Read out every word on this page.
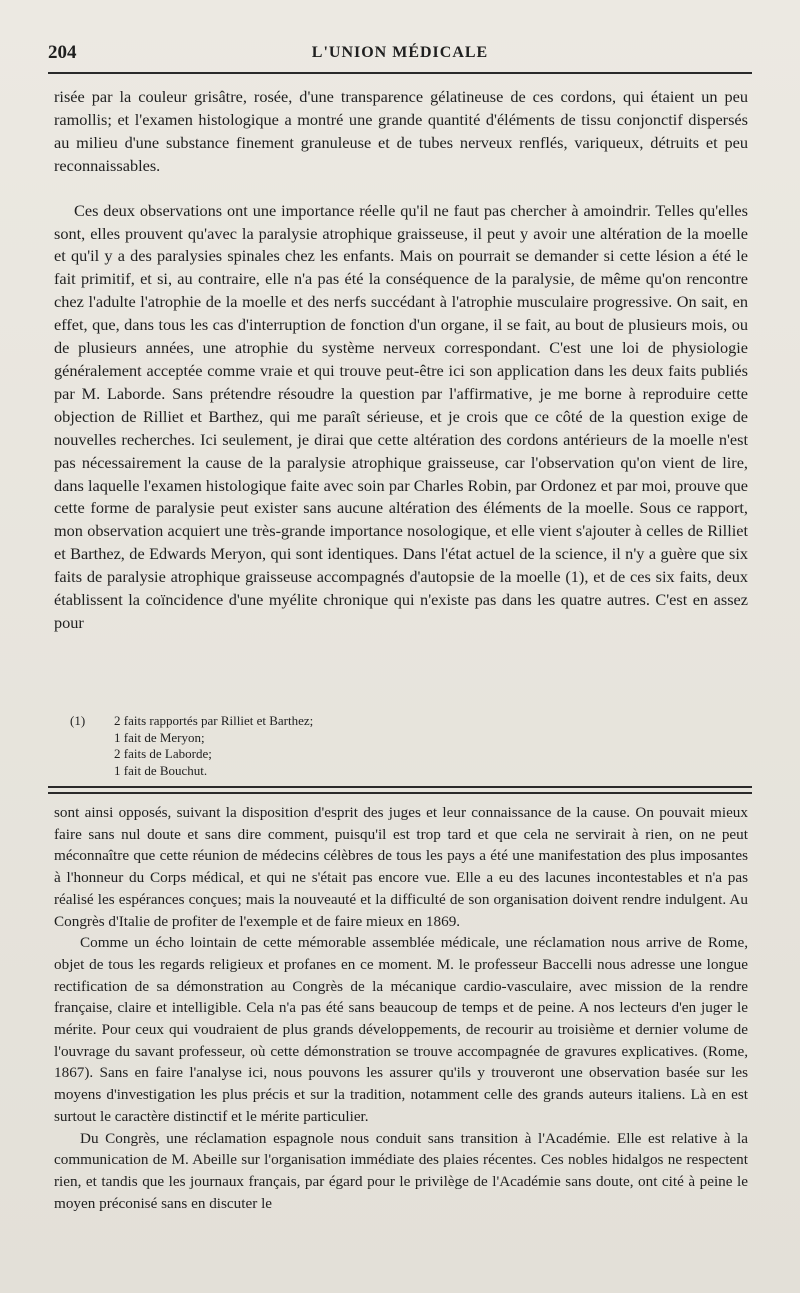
204	L'UNION MÉDICALE

risée par la couleur grisâtre, rosée, d'une transparence gélatineuse de ces cordons, qui étaient un peu ramollis; et l'examen histologique a montré une grande quantité d'éléments de tissu conjonctif dispersés au milieu d'une substance finement granuleuse et de tubes nerveux renflés, variqueux, détruits et peu reconnaissables.

Ces deux observations ont une importance réelle qu'il ne faut pas chercher à amoindrir. Telles qu'elles sont, elles prouvent qu'avec la paralysie atrophique graisseuse, il peut y avoir une altération de la moelle et qu'il y a des paralysies spinales chez les enfants. Mais on pourrait se demander si cette lésion a été le fait primitif, et si, au contraire, elle n'a pas été la conséquence de la paralysie, de même qu'on rencontre chez l'adulte l'atrophie de la moelle et des nerfs succédant à l'atrophie musculaire progressive. On sait, en effet, que, dans tous les cas d'interruption de fonction d'un organe, il se fait, au bout de plusieurs mois, ou de plusieurs années, une atrophie du système nerveux correspondant. C'est une loi de physiologie généralement acceptée comme vraie et qui trouve peut-être ici son application dans les deux faits publiés par M. Laborde. Sans prétendre résoudre la question par l'affirmative, je me borne à reproduire cette objection de Rilliet et Barthez, qui me paraît sérieuse, et je crois que ce côté de la question exige de nouvelles recherches. Ici seulement, je dirai que cette altération des cordons antérieurs de la moelle n'est pas nécessairement la cause de la paralysie atrophique graisseuse, car l'observation qu'on vient de lire, dans laquelle l'examen histologique faite avec soin par Charles Robin, par Ordonez et par moi, prouve que cette forme de paralysie peut exister sans aucune altération des éléments de la moelle. Sous ce rapport, mon observation acquiert une très-grande importance nosologique, et elle vient s'ajouter à celles de Rilliet et Barthez, de Edwards Meryon, qui sont identiques. Dans l'état actuel de la science, il n'y a guère que six faits de paralysie atrophique graisseuse accompagnés d'autopsie de la moelle (1), et de ces six faits, deux établissent la coïncidence d'une myélite chronique qui n'existe pas dans les quatre autres. C'est en assez pour

(1)	2 faits rapportés par Rilliet et Barthez;
1 fait de Meryon;
2 faits de Laborde;
1 fait de Bouchut.

sont ainsi opposés, suivant la disposition d'esprit des juges et leur connaissance de la cause. On pouvait mieux faire sans nul doute et sans dire comment, puisqu'il est trop tard et que cela ne servirait à rien, on ne peut méconnaître que cette réunion de médecins célèbres de tous les pays a été une manifestation des plus imposantes à l'honneur du Corps médical, et qui ne s'était pas encore vue. Elle a eu des lacunes incontestables et n'a pas réalisé les espérances conçues; mais la nouveauté et la difficulté de son organisation doivent rendre indulgent. Au Congrès d'Italie de profiter de l'exemple et de faire mieux en 1869.

Comme un écho lointain de cette mémorable assemblée médicale, une réclamation nous arrive de Rome, objet de tous les regards religieux et profanes en ce moment. M. le professeur Baccelli nous adresse une longue rectification de sa démonstration au Congrès de la mécanique cardio-vasculaire, avec mission de la rendre française, claire et intelligible. Cela n'a pas été sans beaucoup de temps et de peine. A nos lecteurs d'en juger le mérite. Pour ceux qui voudraient de plus grands développements, de recourir au troisième et dernier volume de l'ouvrage du savant professeur, où cette démonstration se trouve accompagnée de gravures explicatives. (Rome, 1867). Sans en faire l'analyse ici, nous pouvons les assurer qu'ils y trouveront une observation basée sur les moyens d'investigation les plus précis et sur la tradition, notamment celle des grands auteurs italiens. Là en est surtout le caractère distinctif et le mérite particulier.

Du Congrès, une réclamation espagnole nous conduit sans transition à l'Académie. Elle est relative à la communication de M. Abeille sur l'organisation immédiate des plaies récentes. Ces nobles hidalgos ne respectent rien, et tandis que les journaux français, par égard pour le privilège de l'Académie sans doute, ont cité à peine le moyen préconisé sans en discuter le
